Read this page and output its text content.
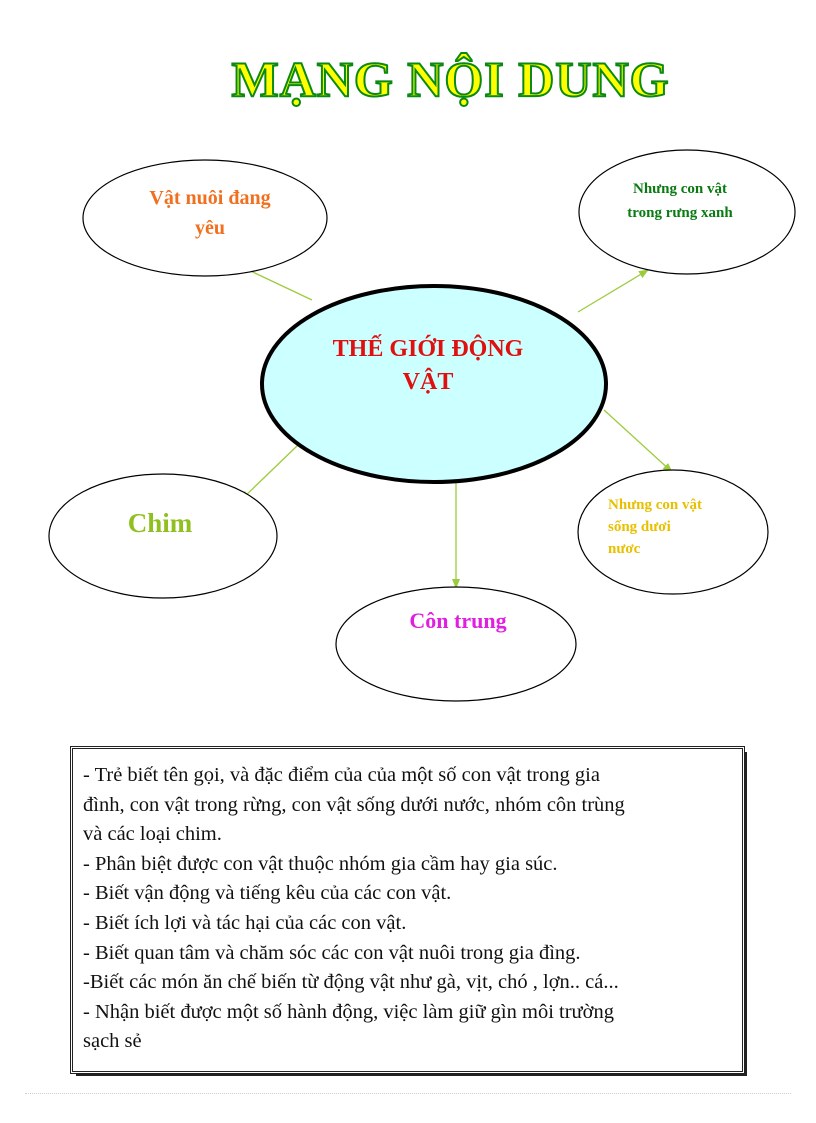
MẠNG NỘI DUNG
THẾ GIỚI ĐỘNG
VẬT
Vật nuôi đang
yêu
Nhưng con vật
trong rưng xanh
Nhưng con vật
sống dươi
nươc
Chim
Côn trung

- Trẻ biết tên gọi, và đặc điểm của của một số con vật trong gia

đình, con vật trong rừng, con vật sống dưới nước, nhóm côn trùng

và các loại chim.

- Phân biệt được con vật thuộc nhóm gia cầm hay gia súc.

- Biết vận động và tiếng kêu của các con vật.

- Biết ích lợi và tác hại của các con vật.

- Biết quan tâm và chăm sóc các con vật nuôi trong gia đìng.

-Biết các món ăn chế biến từ động vật như gà, vịt, chó , lợn.. cá...

- Nhận biết được một số hành động, việc làm giữ gìn môi trường

sạch sẻ
